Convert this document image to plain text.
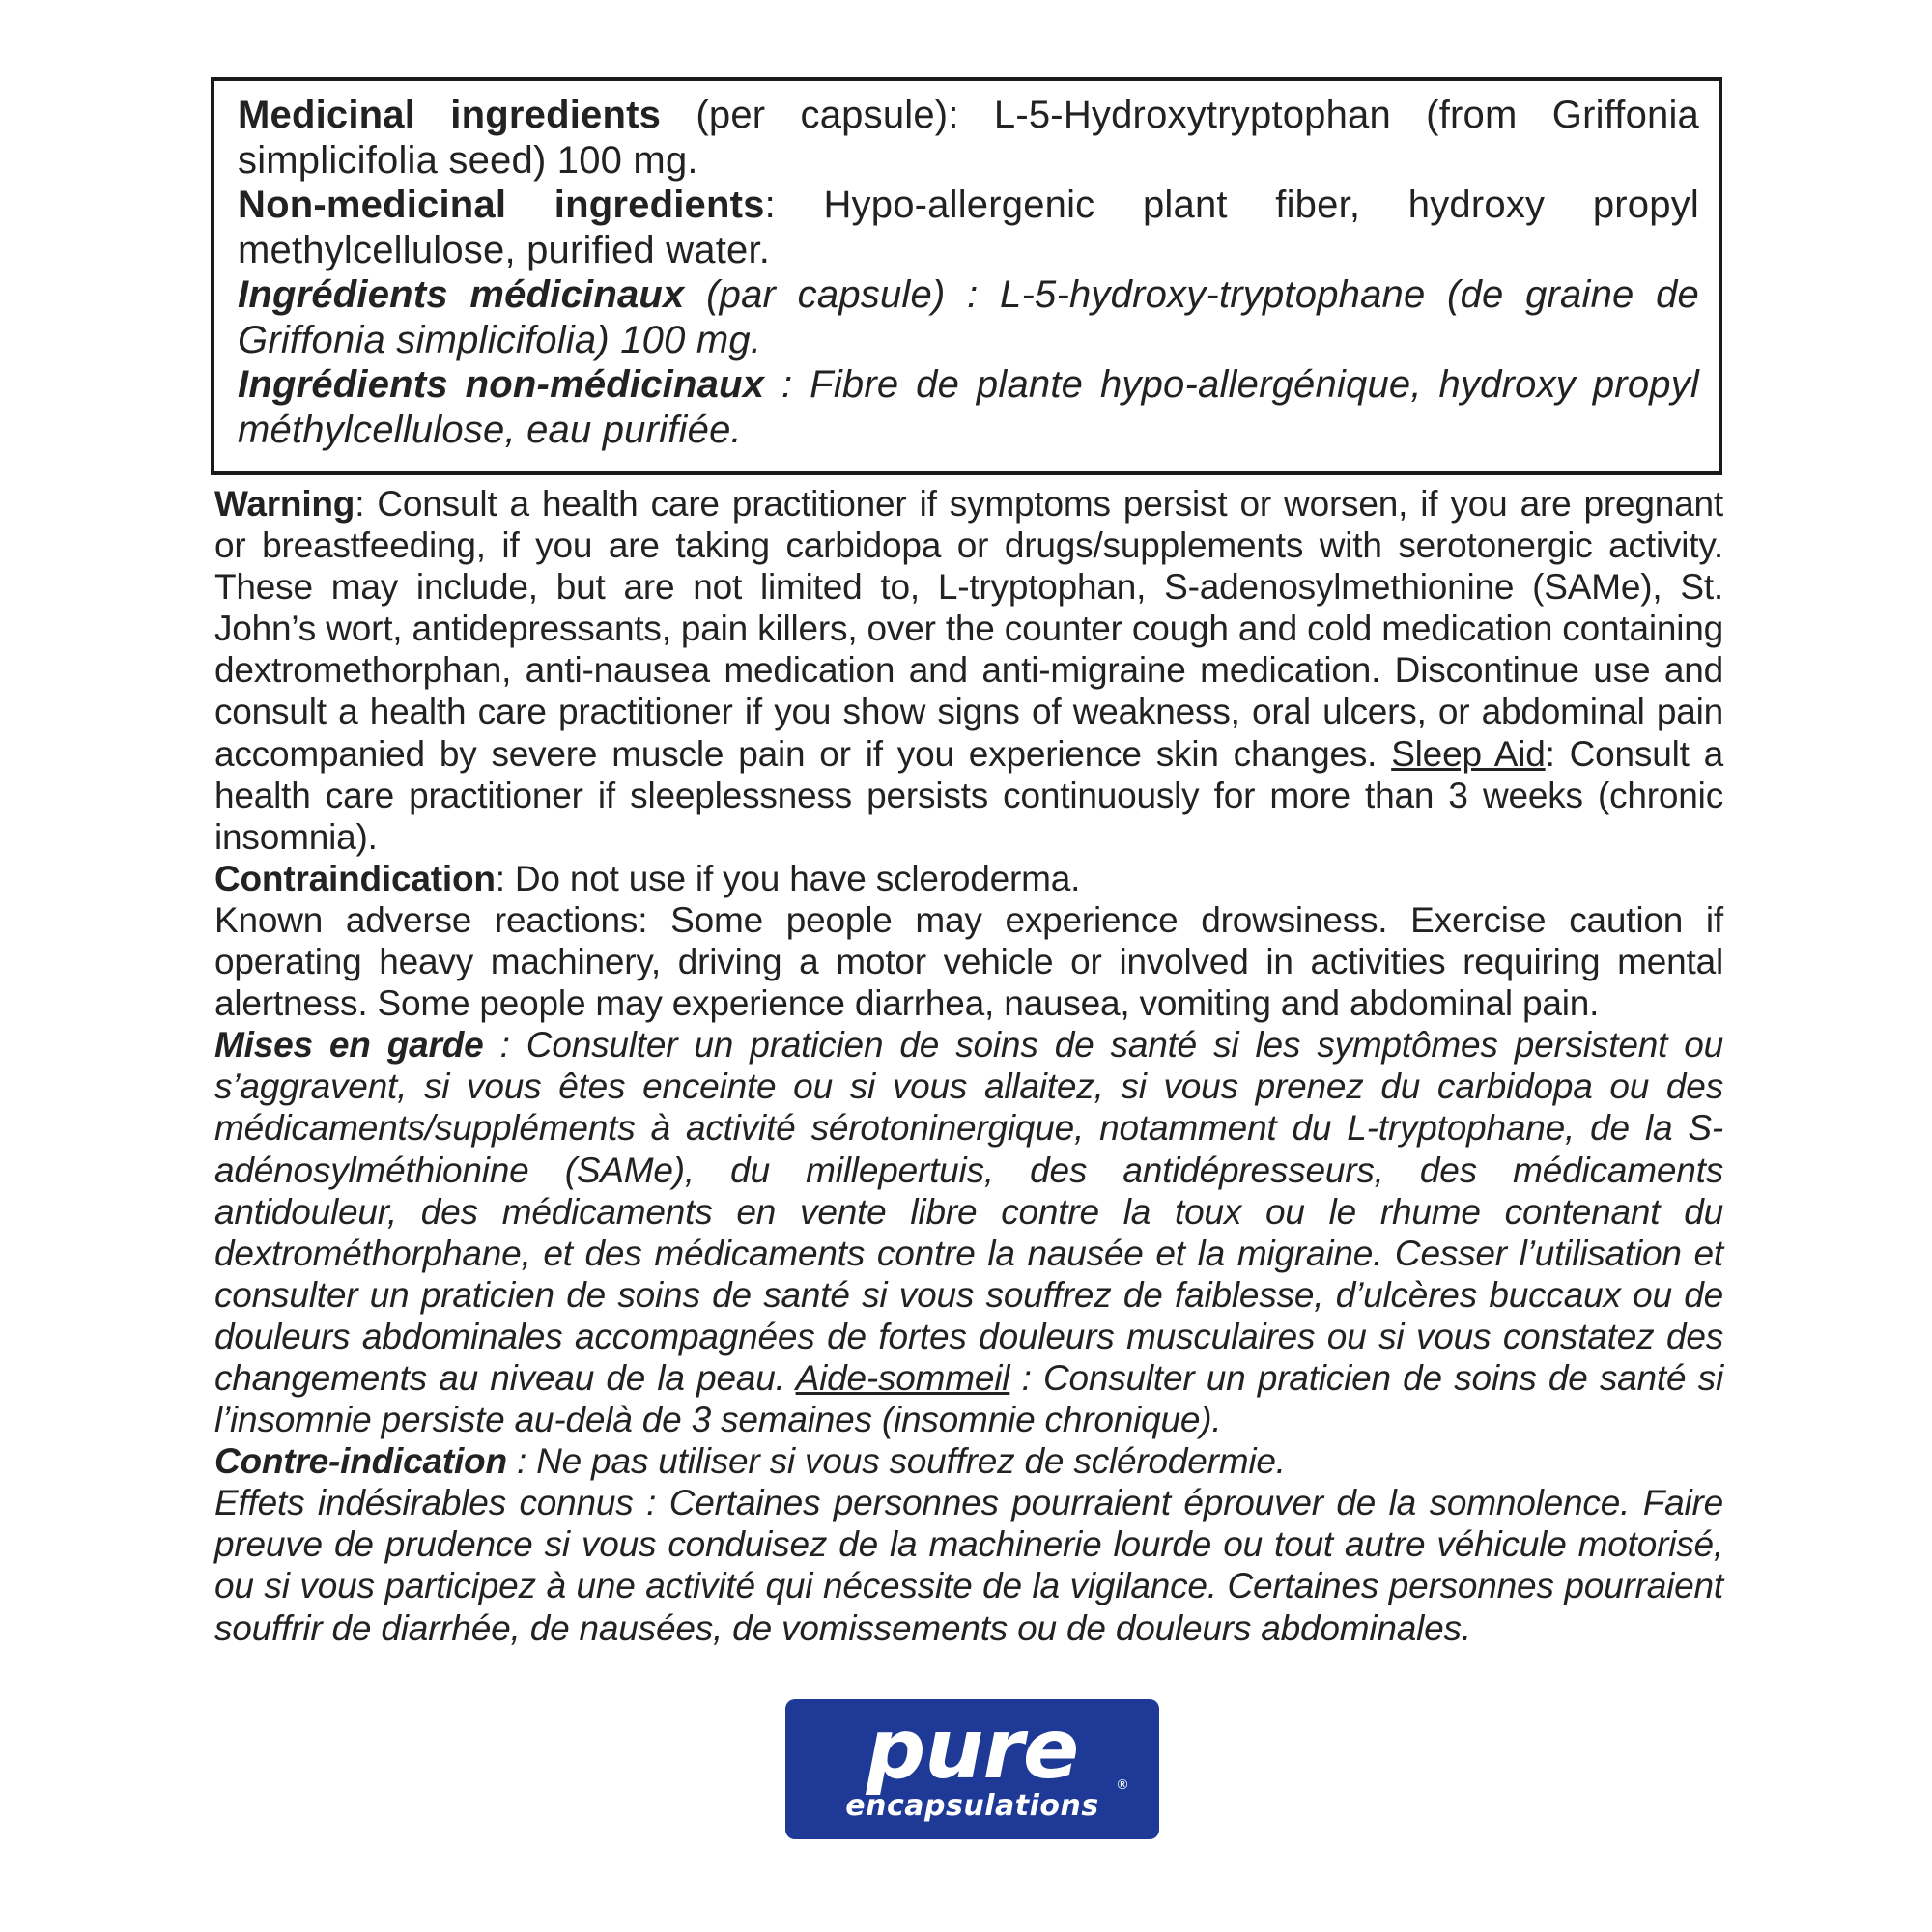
Medicinal ingredients (per capsule): L-5-Hydroxytryptophan (from Griffonia simplicifolia seed) 100 mg.

Non-medicinal ingredients: Hypo-allergenic plant fiber, hydroxy propyl methylcellulose, purified water.

Ingrédients médicinaux (par capsule) : L-5-hydroxy-tryptophane (de graine de Griffonia simplicifolia) 100 mg.

Ingrédients non-médicinaux : Fibre de plante hypo-allergénique, hydroxy propyl méthylcellulose, eau purifiée.

Warning: Consult a health care practitioner if symptoms persist or worsen, if you are pregnant or breastfeeding, if you are taking carbidopa or drugs/supplements with serotonergic activity. These may include, but are not limited to, L-tryptophan, S-adenosylmethionine (SAMe), St. John’s wort, antidepressants, pain killers, over the counter cough and cold medication containing dextromethorphan, anti-nausea medication and anti-migraine medication. Discontinue use and consult a health care practitioner if you show signs of weakness, oral ulcers, or abdominal pain accompanied by severe muscle pain or if you experience skin changes. Sleep Aid: Consult a health care practitioner if sleeplessness persists continuously for more than 3 weeks (chronic insomnia).

Contraindication: Do not use if you have scleroderma.

Known adverse reactions: Some people may experience drowsiness. Exercise caution if operating heavy machinery, driving a motor vehicle or involved in activities requiring mental alertness. Some people may experience diarrhea, nausea, vomiting and abdominal pain.

Mises en garde : Consulter un praticien de soins de santé si les symptômes persistent ou s’aggravent, si vous êtes enceinte ou si vous allaitez, si vous prenez du carbidopa ou des médicaments/suppléments à activité sérotoninergique, notamment du L-tryptophane, de la S-adénosylméthionine (SAMe), du millepertuis, des antidépresseurs, des médicaments antidouleur, des médicaments en vente libre contre la toux ou le rhume contenant du dextrométhorphane, et des médicaments contre la nausée et la migraine. Cesser l’utilisation et consulter un praticien de soins de santé si vous souffrez de faiblesse, d’ulcères buccaux ou de douleurs abdominales accompagnées de fortes douleurs musculaires ou si vous constatez des changements au niveau de la peau. Aide-sommeil : Consulter un praticien de soins de santé si l’insomnie persiste au-delà de 3 semaines (insomnie chronique).

Contre-indication : Ne pas utiliser si vous souffrez de sclérodermie.

Effets indésirables connus : Certaines personnes pourraient éprouver de la somnolence. Faire preuve de prudence si vous conduisez de la machinerie lourde ou tout autre véhicule motorisé, ou si vous participez à une activité qui nécessite de la vigilance. Certaines personnes pourraient souffrir de diarrhée, de nausées, de vomissements ou de douleurs abdominales.

pure	®
encapsulations
